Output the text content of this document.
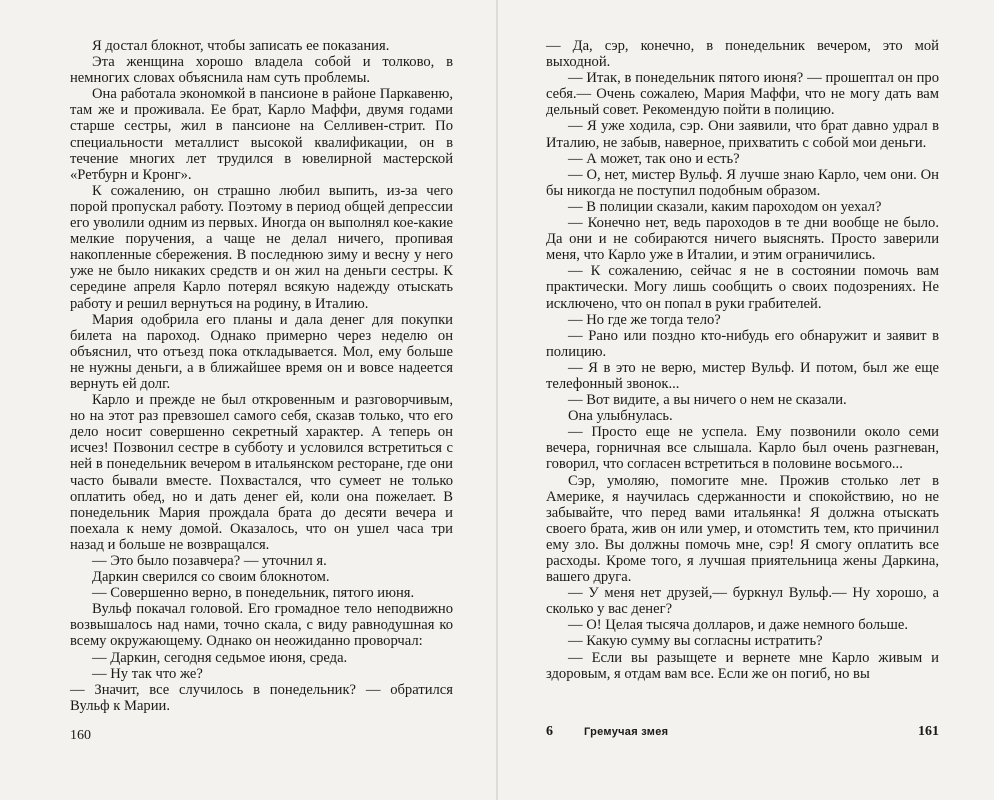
Я достал блокнот, чтобы записать ее показания.

Эта женщина хорошо владела собой и толково, в немногих словах объяснила нам суть проблемы.

Она работала экономкой в пансионе в районе Паркавеню, там же и проживала. Ее брат, Карло Маффи, двумя годами старше сестры, жил в пансионе на Селливен-стрит. По специальности металлист высокой квалификации, он в течение многих лет трудился в ювелирной мастерской «Ретбурн и Кронг».

К сожалению, он страшно любил выпить, из-за чего порой пропускал работу. Поэтому в период общей депрессии его уволили одним из первых. Иногда он выполнял кое-какие мелкие поручения, а чаще не делал ничего, пропивая накопленные сбережения. В последнюю зиму и весну у него уже не было никаких средств и он жил на деньги сестры. К середине апреля Карло потерял всякую надежду отыскать работу и решил вернуться на родину, в Италию.

Мария одобрила его планы и дала денег для покупки билета на пароход. Однако примерно через неделю он объяснил, что отъезд пока откладывается. Мол, ему больше не нужны деньги, а в ближайшее время он и вовсе надеется вернуть ей долг.

Карло и прежде не был откровенным и разговорчивым, но на этот раз превзошел самого себя, сказав только, что его дело носит совершенно секретный характер. А теперь он исчез! Позвонил сестре в субботу и условился встретиться с ней в понедельник вечером в итальянском ресторане, где они часто бывали вместе. Похвастался, что сумеет не только оплатить обед, но и дать денег ей, коли она пожелает. В понедельник Мария прождала брата до десяти вечера и поехала к нему домой. Оказалось, что он ушел часа три назад и больше не возвращался.

— Это было позавчера? — уточнил я.

Даркин сверился со своим блокнотом.

— Совершенно верно, в понедельник, пятого июня.

Вульф покачал головой. Его громадное тело неподвижно возвышалось над нами, точно скала, с виду равнодушная ко всему окружающему. Однако он неожиданно проворчал:

— Даркин, сегодня седьмое июня, среда.

— Ну так что же?

— Значит, все случилось в понедельник? — обратился Вульф к Марии.

160

— Да, сэр, конечно, в понедельник вечером, это мой выходной.

— Итак, в понедельник пятого июня? — прошептал он про себя.— Очень сожалею, Мария Маффи, что не могу дать вам дельный совет. Рекомендую пойти в полицию.

— Я уже ходила, сэр. Они заявили, что брат давно удрал в Италию, не забыв, наверное, прихватить с собой мои деньги.

— А может, так оно и есть?

— О, нет, мистер Вульф. Я лучше знаю Карло, чем они. Он бы никогда не поступил подобным образом.

— В полиции сказали, каким пароходом он уехал?

— Конечно нет, ведь пароходов в те дни вообще не было. Да они и не собираются ничего выяснять. Просто заверили меня, что Карло уже в Италии, и этим ограничились.

— К сожалению, сейчас я не в состоянии помочь вам практически. Могу лишь сообщить о своих подозрениях. Не исключено, что он попал в руки грабителей.

— Но где же тогда тело?

— Рано или поздно кто-нибудь его обнаружит и заявит в полицию.

— Я в это не верю, мистер Вульф. И потом, был же еще телефонный звонок...

— Вот видите, а вы ничего о нем не сказали.

Она улыбнулась.

— Просто еще не успела. Ему позвонили около семи вечера, горничная все слышала. Карло был очень разгневан, говорил, что согласен встретиться в половине восьмого...

Сэр, умоляю, помогите мне. Прожив столько лет в Америке, я научилась сдержанности и спокойствию, но не забывайте, что перед вами итальянка! Я должна отыскать своего брата, жив он или умер, и отомстить тем, кто причинил ему зло. Вы должны помочь мне, сэр! Я смогу оплатить все расходы. Кроме того, я лучшая приятельница жены Даркина, вашего друга.

— У меня нет друзей,— буркнул Вульф.— Ну хорошо, а сколько у вас денег?

— О! Целая тысяча долларов, и даже немного больше.

— Какую сумму вы согласны истратить?

— Если вы разыщете и вернете мне Карло живым и здоровым, я отдам вам все. Если же он погиб, но вы

6	Гремучая змея	161
